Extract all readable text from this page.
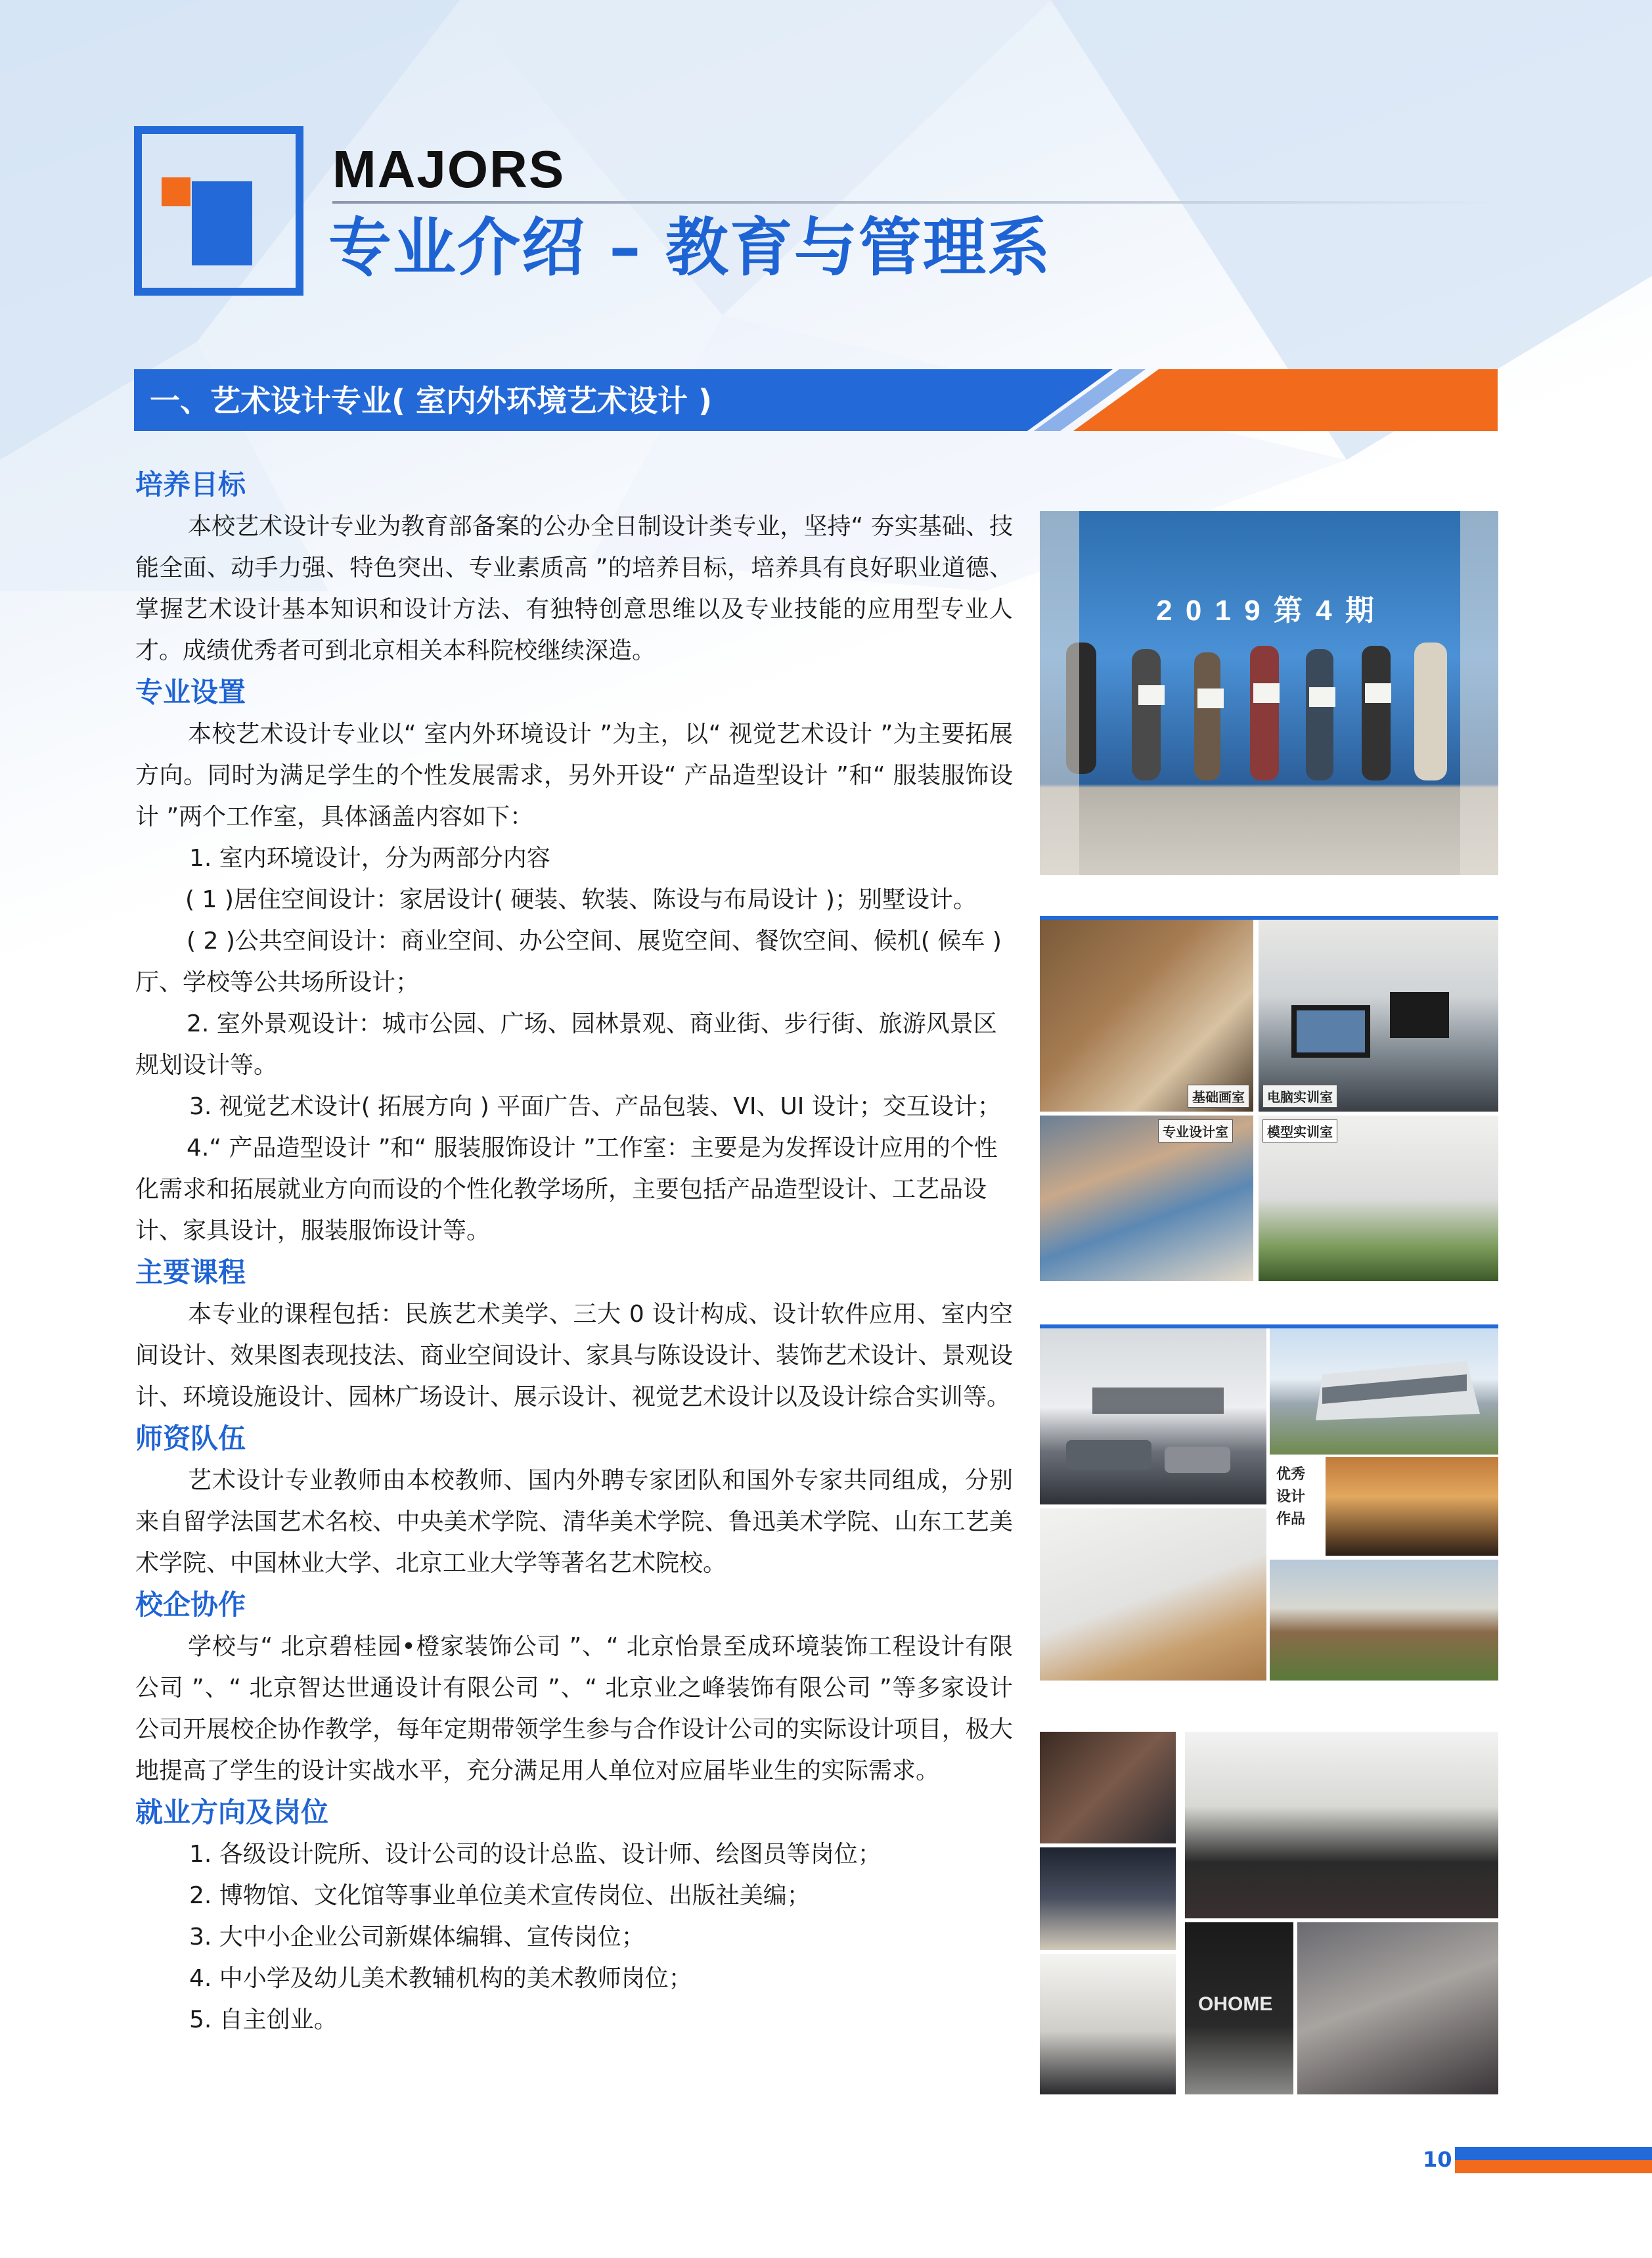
MAJORS
专业介绍 – 教育与管理系
一、艺术设计专业( 室内外环境艺术设计 )

培养目标

本校艺术设计专业为教育部备案的公办全日制设计类专业，坚持“ 夯实基础、技能全面、动手力强、特色突出、专业素质高 ”的培养目标，培养具有良好职业道德、掌握艺术设计基本知识和设计方法、有独特创意思维以及专业技能的应用型专业人才。成绩优秀者可到北京相关本科院校继续深造。

专业设置

本校艺术设计专业以“ 室内外环境设计 ”为主，以“ 视觉艺术设计 ”为主要拓展方向。同时为满足学生的个性发展需求，另外开设“ 产品造型设计 ”和“ 服装服饰设计 ”两个工作室，具体涵盖内容如下：

1. 室内环境设计，分为两部分内容

( 1 )居住空间设计：家居设计( 硬装、软装、陈设与布局设计 )；别墅设计。

( 2 )公共空间设计：商业空间、办公空间、展览空间、餐饮空间、候机( 候车 )厅、学校等公共场所设计；

2. 室外景观设计：城市公园、广场、园林景观、商业街、步行街、旅游风景区规划设计等。

3. 视觉艺术设计( 拓展方向 ) 平面广告、产品包装、VI、UI 设计；交互设计；

4.“ 产品造型设计 ”和“ 服装服饰设计 ”工作室：主要是为发挥设计应用的个性化需求和拓展就业方向而设的个性化教学场所，主要包括产品造型设计、工艺品设计、家具设计，服装服饰设计等。

主要课程

本专业的课程包括：民族艺术美学、三大 0 设计构成、设计软件应用、室内空间设计、效果图表现技法、商业空间设计、家具与陈设设计、装饰艺术设计、景观设计、环境设施设计、园林广场设计、展示设计、视觉艺术设计以及设计综合实训等。

师资队伍

艺术设计专业教师由本校教师、国内外聘专家团队和国外专家共同组成，分别来自留学法国艺术名校、中央美术学院、清华美术学院、鲁迅美术学院、山东工艺美术学院、中国林业大学、北京工业大学等著名艺术院校。

校企协作

学校与“ 北京碧桂园•橙家装饰公司 ”、“ 北京怡景至成环境装饰工程设计有限公司 ”、“ 北京智达世通设计有限公司 ”、“ 北京业之峰装饰有限公司 ”等多家设计公司开展校企协作教学，每年定期带领学生参与合作设计公司的实际设计项目，极大地提高了学生的设计实战水平，充分满足用人单位对应届毕业生的实际需求。

就业方向及岗位

1. 各级设计院所、设计公司的设计总监、设计师、绘图员等岗位；

2. 博物馆、文化馆等事业单位美术宣传岗位、出版社美编；

3. 大中小企业公司新媒体编辑、宣传岗位；

4. 中小学及幼儿美术教辅机构的美术教师岗位；

5. 自主创业。

2 0 1 9 第 4 期
基础画室	电脑实训室
专业设计室	模型实训室
优秀设计作品
OHOME
10
